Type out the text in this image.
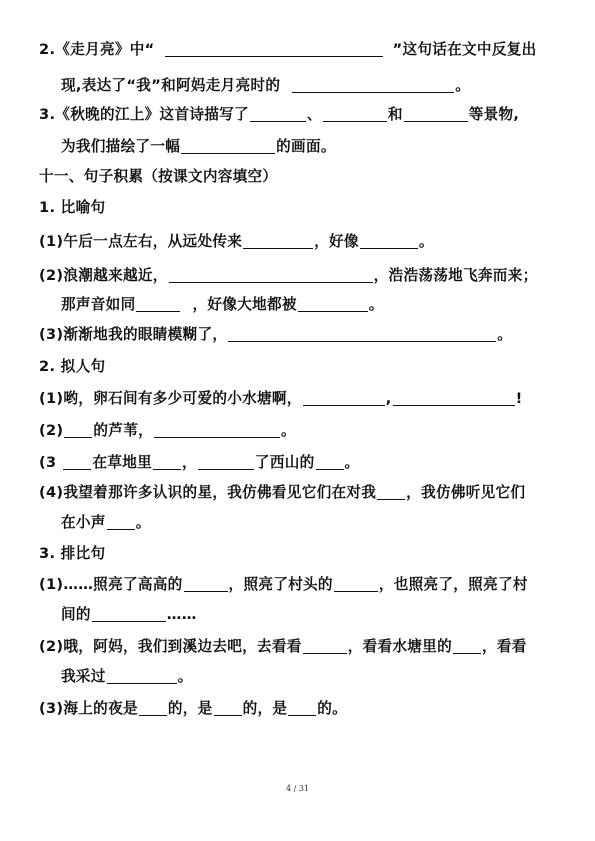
2.《走月亮》中“	”这句话在文中反复出
现,表达了“我”和阿妈走月亮时的	。
3.《秋晚的江上》这首诗描写了	、	和	等景物,
为我们描绘了一幅	的画面。
十一、句子积累（按课文内容填空）
1. 比喻句
(1)午后一点左右，从远处传来	，好像	。
(2)浪潮越来越近，	，浩浩荡荡地飞奔而来；
那声音如同	，好像大地都被	。
(3)渐渐地我的眼睛模糊了，	。
2. 拟人句
(1)哟，卵石间有多少可爱的小水塘啊，	,	!
(2) 的芦苇，	。
(3 在草地里 ，	了西山的 。
(4)我望着那许多认识的星，我仿佛看见它们在对我 ，我仿佛听见它们
在小声 。
3. 排比句
(1)……照亮了高高的	，照亮了村头的	，也照亮了，照亮了村
间的	……
(2)哦，阿妈，我们到溪边去吧，去看看	，看看水塘里的 ，看看
我采过	。
(3)海上的夜是 的，是 的，是 的。
4 / 31
